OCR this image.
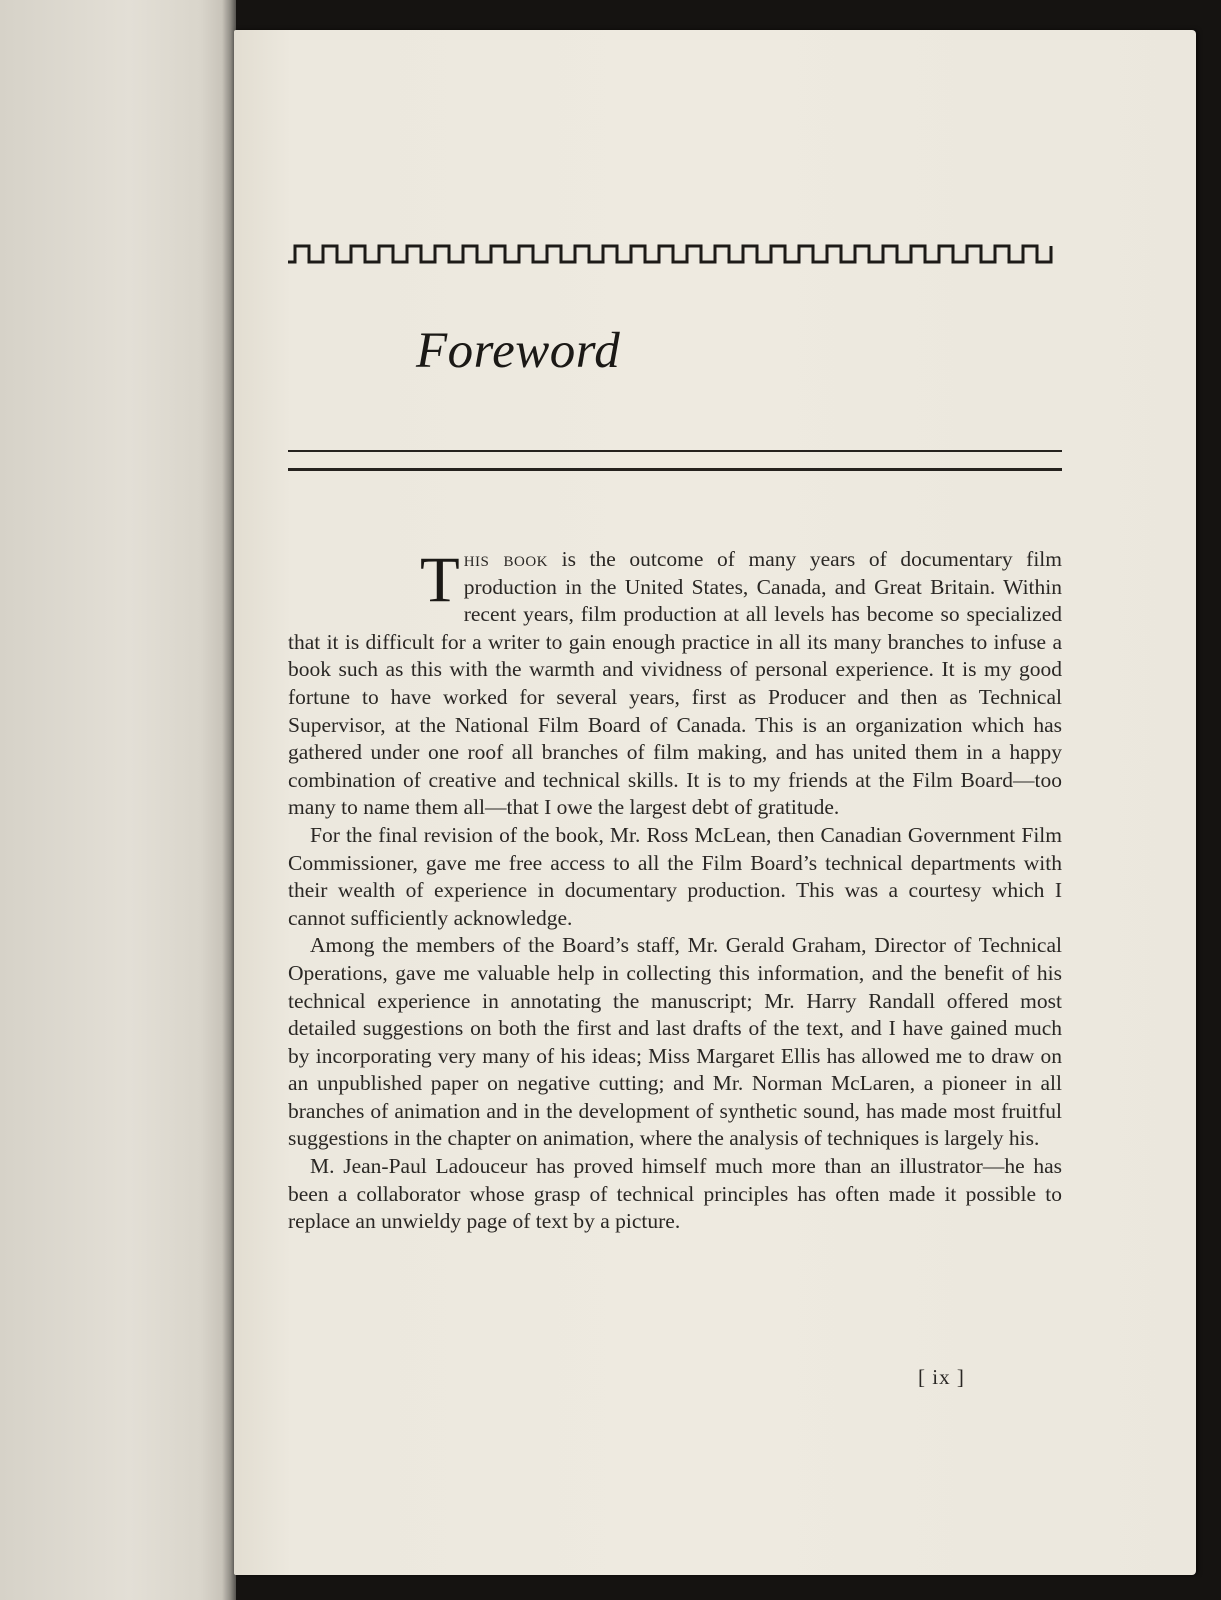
Foreword

This book is the outcome of many years of documentary film production in the United States, Canada, and Great Britain. Within recent years, film production at all levels has become so specialized that it is difficult for a writer to gain enough practice in all its many branches to infuse a book such as this with the warmth and vividness of personal experience. It is my good fortune to have worked for several years, first as Producer and then as Technical Supervisor, at the National Film Board of Canada. This is an organization which has gathered under one roof all branches of film making, and has united them in a happy combination of creative and technical skills. It is to my friends at the Film Board—too many to name them all—that I owe the largest debt of gratitude.

For the final revision of the book, Mr. Ross McLean, then Canadian Government Film Commissioner, gave me free access to all the Film Board’s technical departments with their wealth of experience in documentary production. This was a courtesy which I cannot sufficiently acknowledge.

Among the members of the Board’s staff, Mr. Gerald Graham, Director of Technical Operations, gave me valuable help in collecting this information, and the benefit of his technical experience in annotating the manuscript; Mr. Harry Randall offered most detailed suggestions on both the first and last drafts of the text, and I have gained much by incorporating very many of his ideas; Miss Margaret Ellis has allowed me to draw on an unpublished paper on negative cutting; and Mr. Norman McLaren, a pioneer in all branches of animation and in the development of synthetic sound, has made most fruitful suggestions in the chapter on animation, where the analysis of techniques is largely his.

M. Jean-Paul Ladouceur has proved himself much more than an illustrator—he has been a collaborator whose grasp of technical principles has often made it possible to replace an unwieldy page of text by a picture.

[ ix ]
